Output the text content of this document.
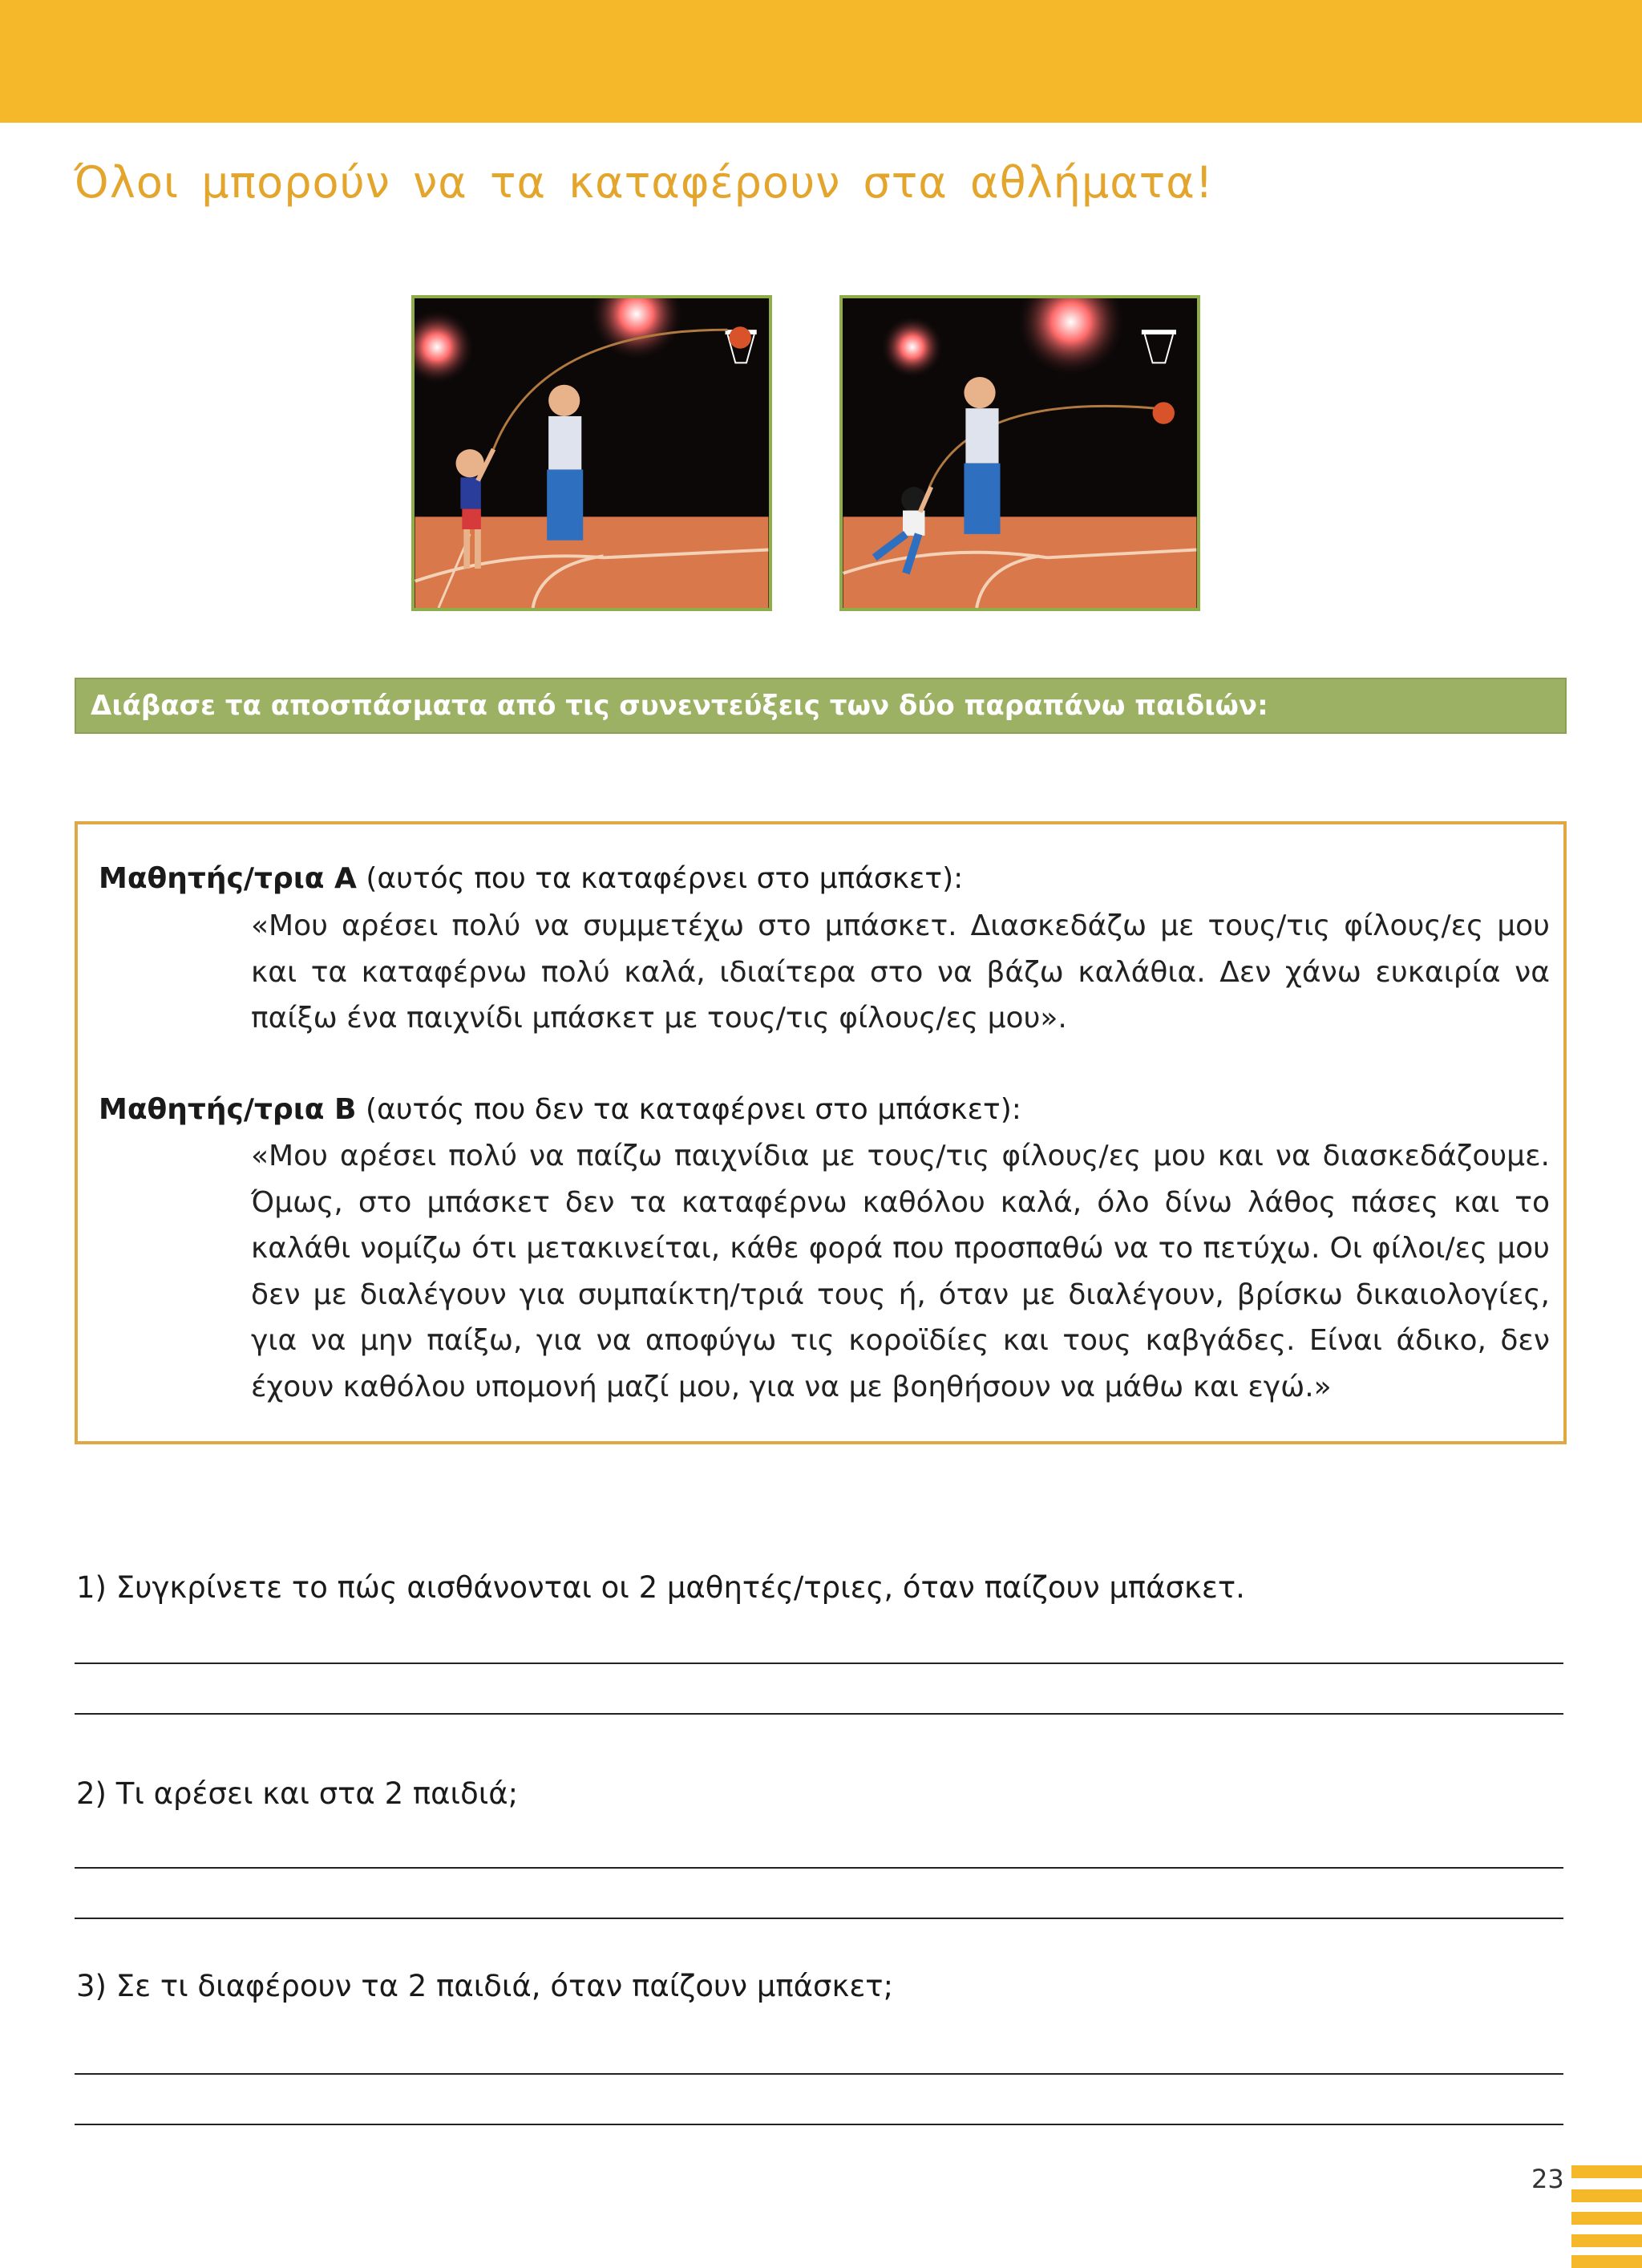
Όλοι μπορούν να τα καταφέρουν στα αθλήματα!
Διάβασε τα αποσπάσματα από τις συνεντεύξεις των δύο παραπάνω παιδιών:
Μαθητής/τρια Α (αυτός που τα καταφέρνει στο μπάσκετ):
«Μου αρέσει πολύ να συμμετέχω στο μπάσκετ. Διασκεδάζω με τους/τις φίλους/ες μου και τα καταφέρνω πολύ καλά, ιδιαίτερα στο να βάζω καλάθια. Δεν χάνω ευκαιρία να παίξω ένα παιχνίδι μπάσκετ με τους/τις φίλους/ες μου».
Μαθητής/τρια Β (αυτός που δεν τα καταφέρνει στο μπάσκετ):
«Μου αρέσει πολύ να παίζω παιχνίδια με τους/τις φίλους/ες μου και να διασκεδάζουμε. Όμως, στο μπάσκετ δεν τα καταφέρνω καθόλου καλά, όλο δίνω λάθος πάσες και το καλάθι νομίζω ότι μετακινείται, κάθε φορά που προσπαθώ να το πετύχω. Οι φίλοι/ες μου δεν με διαλέγουν για συμπαίκτη/τριά τους ή, όταν με διαλέγουν, βρίσκω δικαιολογίες, για να μην παίξω, για να αποφύγω τις κοροϊδίες και τους καβγάδες. Είναι άδικο, δεν έχουν καθόλου υπομονή μαζί μου, για να με βοηθήσουν να μάθω και εγώ.»
1) Συγκρίνετε το πώς αισθάνονται οι 2 μαθητές/τριες, όταν παίζουν μπάσκετ.
2) Τι αρέσει και στα 2 παιδιά;
3) Σε τι διαφέρουν τα 2 παιδιά, όταν παίζουν μπάσκετ;
23
